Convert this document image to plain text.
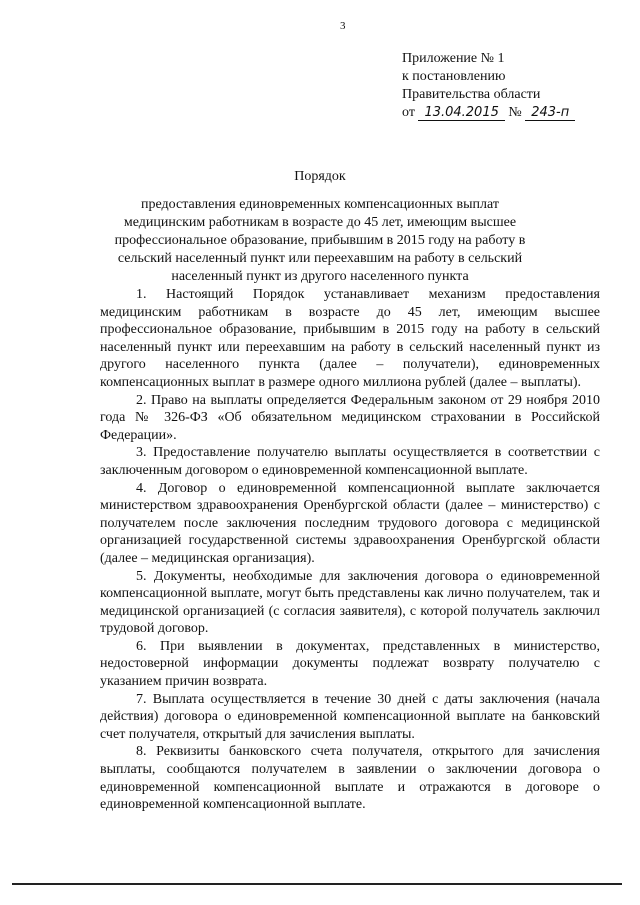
3
Приложение № 1
к постановлению
Правительства области
от 13.04.2015 № 243-п
Порядок
предоставления единовременных компенсационных выплат медицинским работникам в возрасте до 45 лет, имеющим высшее профессиональное образование, прибывшим в 2015 году на работу в сельский населенный пункт или переехавшим на работу в сельский населенный пункт из другого населенного пункта

1. Настоящий Порядок устанавливает механизм предоставления медицинским работникам в возрасте до 45 лет, имеющим высшее профессиональное образование, прибывшим в 2015 году на работу в сельский населенный пункт или переехавшим на работу в сельский населенный пункт из другого населенного пункта (далее – получатели), единовременных компенсационных выплат в размере одного миллиона рублей (далее – выплаты).

2. Право на выплаты определяется Федеральным законом от 29 ноября 2010 года № 326-ФЗ «Об обязательном медицинском страховании в Российской Федерации».

3. Предоставление получателю выплаты осуществляется в соответствии с заключенным договором о единовременной компенсационной выплате.

4. Договор о единовременной компенсационной выплате заключается министерством здравоохранения Оренбургской области (далее – министерство) с получателем после заключения последним трудового договора с медицинской организацией государственной системы здравоохранения Оренбургской области (далее – медицинская организация).

5. Документы, необходимые для заключения договора о единовременной компенсационной выплате, могут быть представлены как лично получателем, так и медицинской организацией (с согласия заявителя), с которой получатель заключил трудовой договор.

6. При выявлении в документах, представленных в министерство, недостоверной информации документы подлежат возврату получателю с указанием причин возврата.

7. Выплата осуществляется в течение 30 дней с даты заключения (начала действия) договора о единовременной компенсационной выплате на банковский счет получателя, открытый для зачисления выплаты.

8. Реквизиты банковского счета получателя, открытого для зачисления выплаты, сообщаются получателем в заявлении о заключении договора о единовременной компенсационной выплате и отражаются в договоре о единовременной компенсационной выплате.
